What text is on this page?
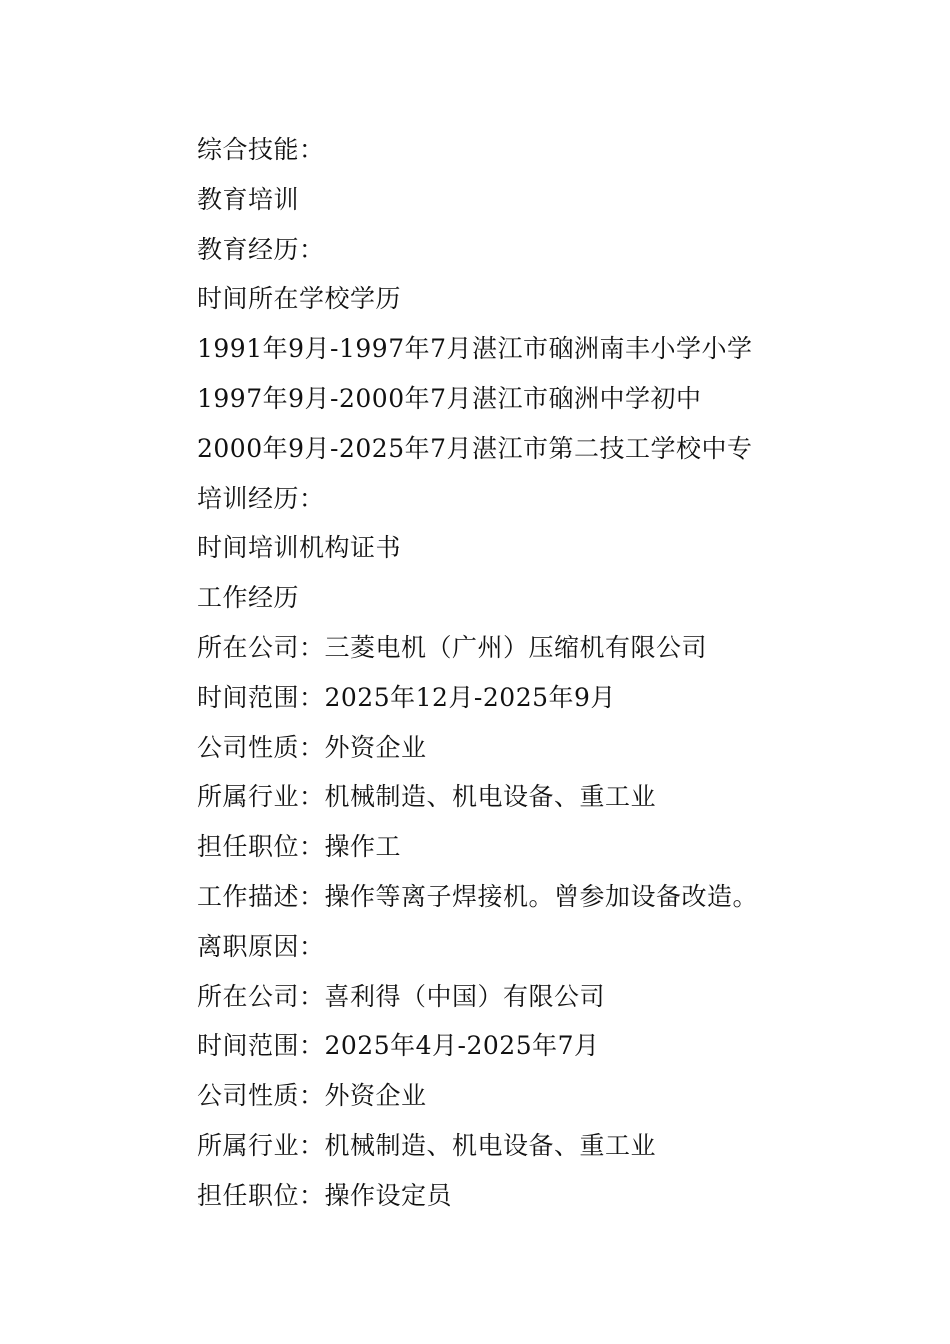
综合技能：
教育培训
教育经历：
时间所在学校学历
1991年9月-1997年7月湛江市硇洲南丰小学小学
1997年9月-2000年7月湛江市硇洲中学初中
2000年9月-2025年7月湛江市第二技工学校中专
培训经历：
时间培训机构证书
工作经历
所在公司：三菱电机（广州）压缩机有限公司
时间范围：2025年12月-2025年9月
公司性质：外资企业
所属行业：机械制造、机电设备、重工业
担任职位：操作工
工作描述：操作等离子焊接机。曾参加设备改造。
离职原因：
所在公司：喜利得（中国）有限公司
时间范围：2025年4月-2025年7月
公司性质：外资企业
所属行业：机械制造、机电设备、重工业
担任职位：操作设定员
